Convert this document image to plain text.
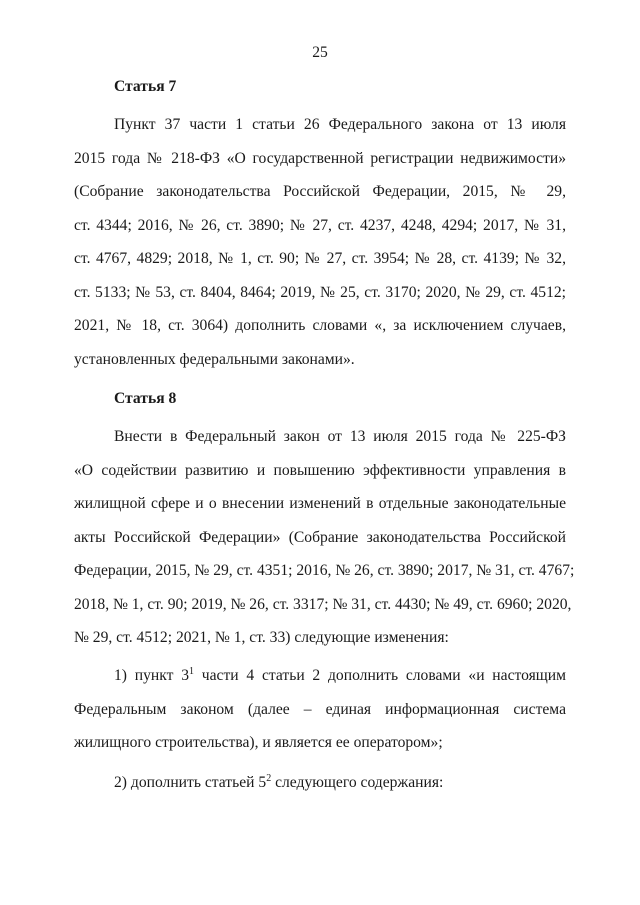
25
Статья 7
Пункт 37 части 1 статьи 26 Федерального закона от 13 июля
2015 года № 218-ФЗ «О государственной регистрации недвижимости»
(Собрание законодательства Российской Федерации, 2015, № 29,
ст. 4344; 2016, № 26, ст. 3890; № 27, ст. 4237, 4248, 4294; 2017, № 31,
ст. 4767, 4829; 2018, № 1, ст. 90; № 27, ст. 3954; № 28, ст. 4139; № 32,
ст. 5133; № 53, ст. 8404, 8464; 2019, № 25, ст. 3170; 2020, № 29, ст. 4512;
2021, № 18, ст. 3064) дополнить словами «, за исключением случаев,
установленных федеральными законами».
Статья 8
Внести в Федеральный закон от 13 июля 2015 года № 225-ФЗ
«О содействии развитию и повышению эффективности управления в
жилищной сфере и о внесении изменений в отдельные законодательные
акты Российской Федерации» (Собрание законодательства Российской
Федерации, 2015, № 29, ст. 4351; 2016, № 26, ст. 3890; 2017, № 31, ст. 4767;
2018, № 1, ст. 90; 2019, № 26, ст. 3317; № 31, ст. 4430; № 49, ст. 6960; 2020,
№ 29, ст. 4512; 2021, № 1, ст. 33) следующие изменения:
1) пункт $3^1$ части 4 статьи 2 дополнить словами «и настоящим
Федеральным законом (далее – единая информационная система
жилищного строительства), и является ее оператором»;
2) дополнить статьей $5^2$ следующего содержания:
